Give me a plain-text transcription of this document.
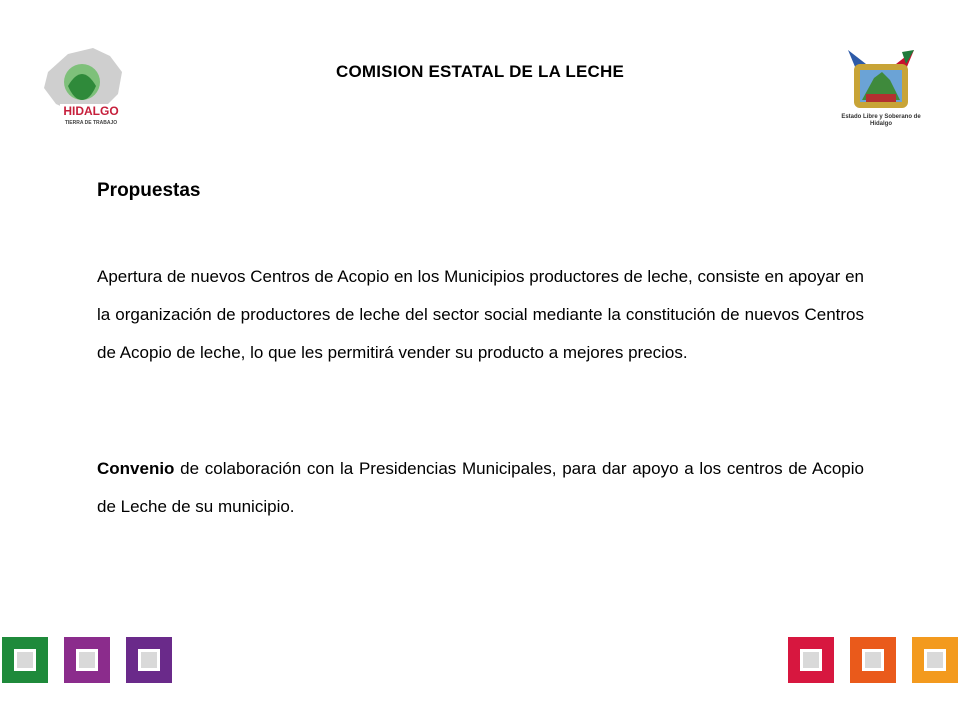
HIDALGO
TIERRA DE TRABAJO
COMISION ESTATAL DE LA LECHE
Estado Libre y Soberano de Hidalgo
Propuestas

Apertura de nuevos Centros de Acopio en los Municipios productores de leche, consiste en apoyar en la organización de productores de leche del sector social mediante la constitución de nuevos Centros de Acopio de leche, lo que les permitirá vender su producto a mejores precios.

Convenio de colaboración con la Presidencias Municipales, para dar apoyo a los centros de Acopio de Leche de su municipio.
